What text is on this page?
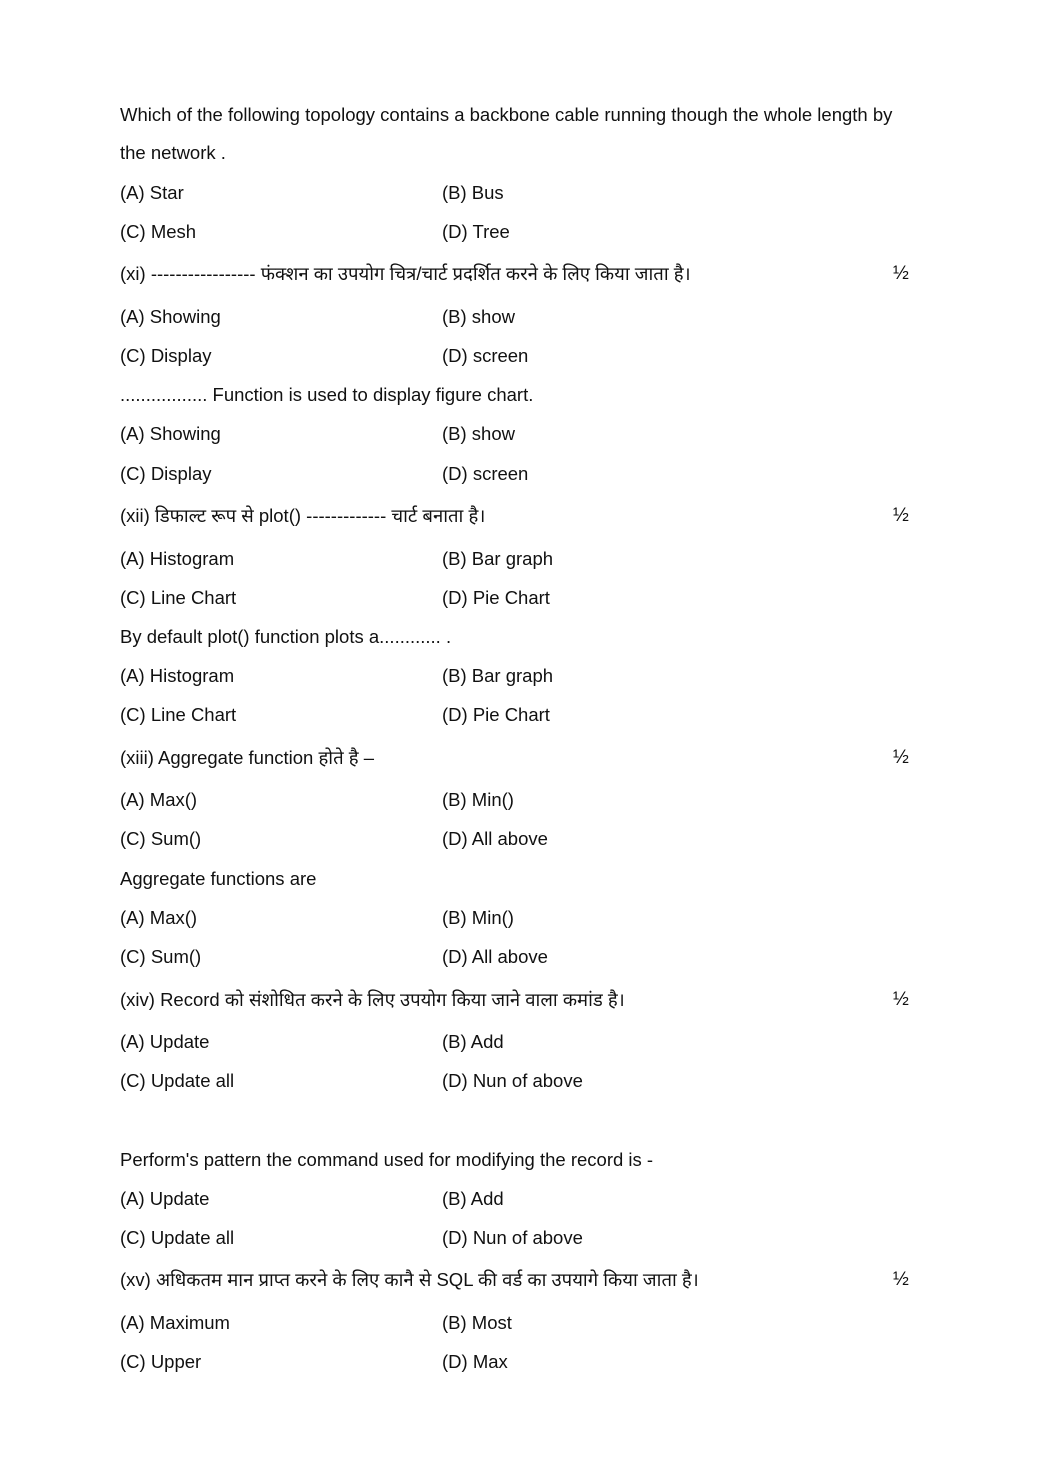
Which of the following topology contains a backbone cable running though the whole length by
the network .
(A) Star	(B) Bus
(C) Mesh	(D) Tree
(xi) ----------------- फंक्शन का उपयोग चित्र/चार्ट प्रदर्शित करने के लिए किया जाता है।	½
(A) Showing	(B) show
(C) Display	(D) screen
................. Function is used to display figure chart.
(A) Showing	(B) show
(C) Display	(D) screen
(xii) डिफाल्ट रूप से plot() ------------- चार्ट बनाता है।	½
(A) Histogram	(B) Bar graph
(C) Line Chart	(D) Pie Chart
By default plot() function plots a............ .
(A) Histogram	(B) Bar graph
(C) Line Chart	(D) Pie Chart
(xiii) Aggregate function होते है –	½
(A) Max()	(B) Min()
(C) Sum()	(D) All above
Aggregate functions are
(A) Max()	(B) Min()
(C) Sum()	(D) All above
(xiv) Record को संशोधित करने के लिए उपयोग किया जाने वाला कमांड है।	½
(A) Update	(B) Add
(C) Update all	(D) Nun of above
Perform's pattern the command used for modifying the record is -
(A) Update	(B) Add
(C) Update all	(D) Nun of above
(xv) अधिकतम मान प्राप्त करने के लिए कानै से SQL की वर्ड का उपयागे किया जाता है।	½
(A) Maximum	(B) Most
(C) Upper	(D) Max
